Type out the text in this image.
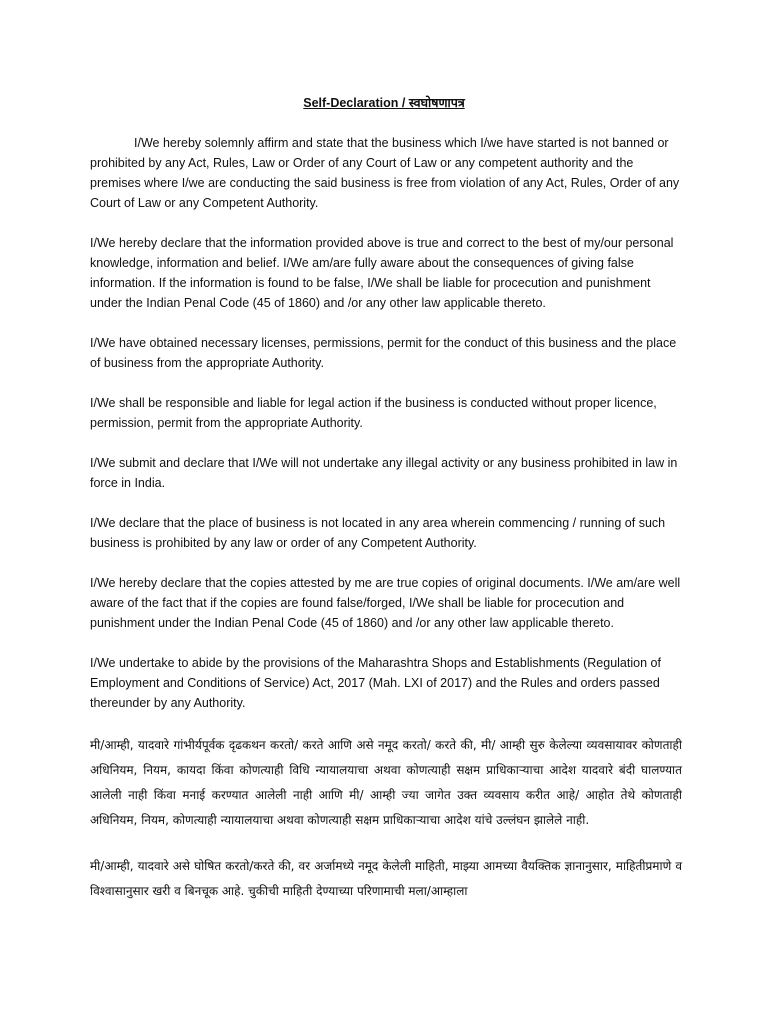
Self-Declaration / स्वघोषणापत्र

I/We hereby solemnly affirm and state that the business which I/we have started is not banned or prohibited by any Act, Rules, Law or Order of any Court of Law or any competent authority and the premises where I/we are conducting the said business is free from violation of any Act, Rules, Order of any Court of Law or any Competent Authority.

I/We hereby declare that the information provided above is true and correct to the best of my/our personal knowledge, information and belief. I/We am/are fully aware about the consequences of giving false information. If the information is found to be false, I/We shall be liable for procecution and punishment under the Indian Penal Code (45 of 1860) and /or any other law applicable thereto.

I/We have obtained necessary licenses, permissions, permit for the conduct of this business and the place of business from the appropriate Authority.

I/We shall be responsible and liable for legal action if the business is conducted without proper licence, permission, permit from the appropriate Authority.

I/We submit and declare that I/We will not undertake any illegal activity or any business prohibited in law in force in India.

I/We declare that the place of business is not located in any area wherein commencing / running of such business is prohibited by any law or order of any Competent Authority.

I/We hereby declare that the copies attested by me are true copies of original documents. I/We am/are well aware of the fact that if the copies are found false/forged, I/We shall be liable for procecution and punishment under the Indian Penal Code (45 of 1860) and /or any other law applicable thereto.

I/We undertake to abide by the provisions of the Maharashtra Shops and Establishments (Regulation of Employment and Conditions of Service) Act, 2017 (Mah. LXI of 2017) and the Rules and orders passed thereunder by any Authority.

मी/आम्ही, यादवारे गांभीर्यपूर्वक दृढकथन करतो/ करते आणि असे नमूद करतो/ करते की, मी/ आम्ही सुरु केलेल्या व्यवसायावर कोणताही अधिनियम, नियम, कायदा किंवा कोणत्याही विधि न्यायालयाचा अथवा कोणत्याही सक्षम प्राधिकाऱ्याचा आदेश यादवारे बंदी घालण्यात आलेली नाही किंवा मनाई करण्यात आलेली नाही आणि मी/ आम्ही ज्या जागेत उक्त व्यवसाय करीत आहे/ आहोत तेथे कोणताही अधिनियम, नियम, कोणत्याही न्यायालयाचा अथवा कोणत्याही सक्षम प्राधिकाऱ्याचा आदेश यांचे उल्लंघन झालेले नाही.

मी/आम्ही, यादवारे असे घोषित करतो/करते की, वर अर्जामध्ये नमूद केलेली माहिती, माझ्या आमच्या वैयक्तिक ज्ञानानुसार, माहितीप्रमाणे व विश्वासानुसार खरी व बिनचूक आहे. चुकीची माहिती देण्याच्या परिणामाची मला/आम्हाला
